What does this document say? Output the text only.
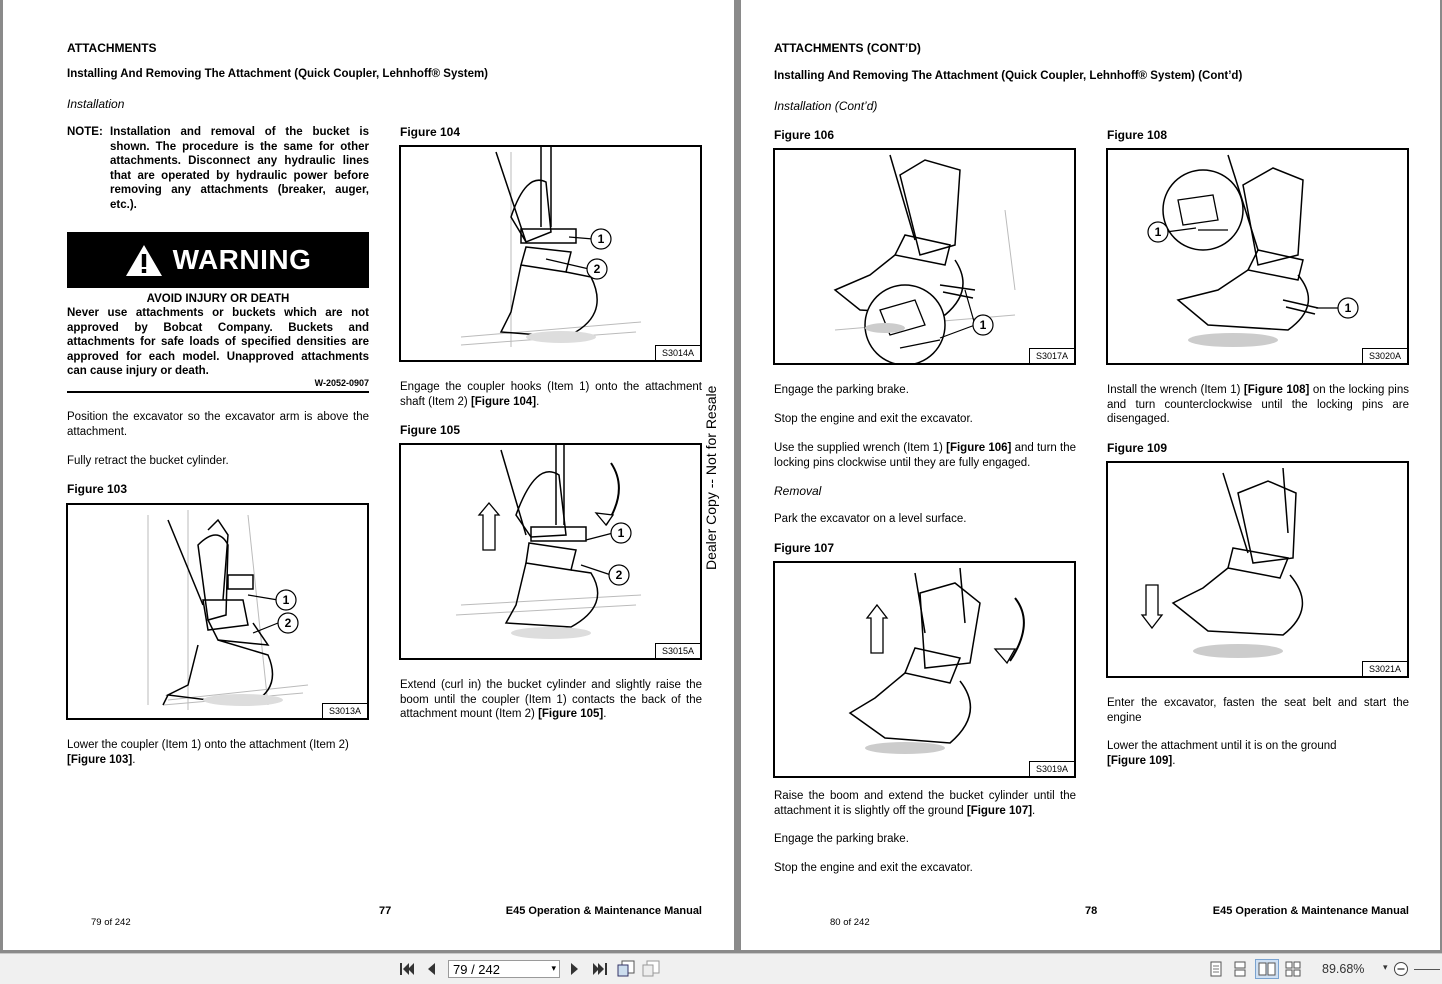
ATTACHMENTS
Installing And Removing The Attachment (Quick Coupler, Lehnhoff® System)
Installation
NOTE: Installation and removal of the bucket is shown. The procedure is the same for other attachments. Disconnect any hydraulic lines that are operated by hydraulic power before removing any attachments (breaker, auger, etc.).
WARNING
AVOID INJURY OR DEATH
Never use attachments or buckets which are not approved by Bobcat Company. Buckets and attachments for safe loads of specified densities are approved for each model. Unapproved attachments can cause injury or death.
W-2052-0907
Position the excavator so the excavator arm is above the attachment.
Fully retract the bucket cylinder.
Figure 103
1
2
S3013A
Lower the coupler (Item 1) onto the attachment (Item 2)
[Figure 103].
Figure 104
1
2
S3014A
Engage the coupler hooks (Item 1) onto the attachment shaft (Item 2) [Figure 104].
Figure 105
1
2
S3015A
Extend (curl in) the bucket cylinder and slightly raise the boom until the coupler (Item 1) contacts the back of the attachment mount (Item 2) [Figure 105].
Dealer Copy -- Not for Resale
77	E45 Operation & Maintenance Manual
79 of 242
ATTACHMENTS (CONT’D)
Installing And Removing The Attachment (Quick Coupler, Lehnhoff® System) (Cont’d)
Installation (Cont’d)
Figure 106
1
S3017A
Engage the parking brake.
Stop the engine and exit the excavator.
Use the supplied wrench (Item 1) [Figure 106] and turn the locking pins clockwise until they are fully engaged.
Removal
Park the excavator on a level surface.
Figure 107
S3019A
Raise the boom and extend the bucket cylinder until the attachment it is slightly off the ground [Figure 107].
Engage the parking brake.
Stop the engine and exit the excavator.
Figure 108
1
1
S3020A
Install the wrench (Item 1) [Figure 108] on the locking pins and turn counterclockwise until the locking pins are disengaged.
Figure 109
S3021A
Enter the excavator, fasten the seat belt and start the engine
Lower the attachment until it is on the ground
[Figure 109].
78	E45 Operation & Maintenance Manual
80 of 242
79 / 242	▾	89.68% ▾
